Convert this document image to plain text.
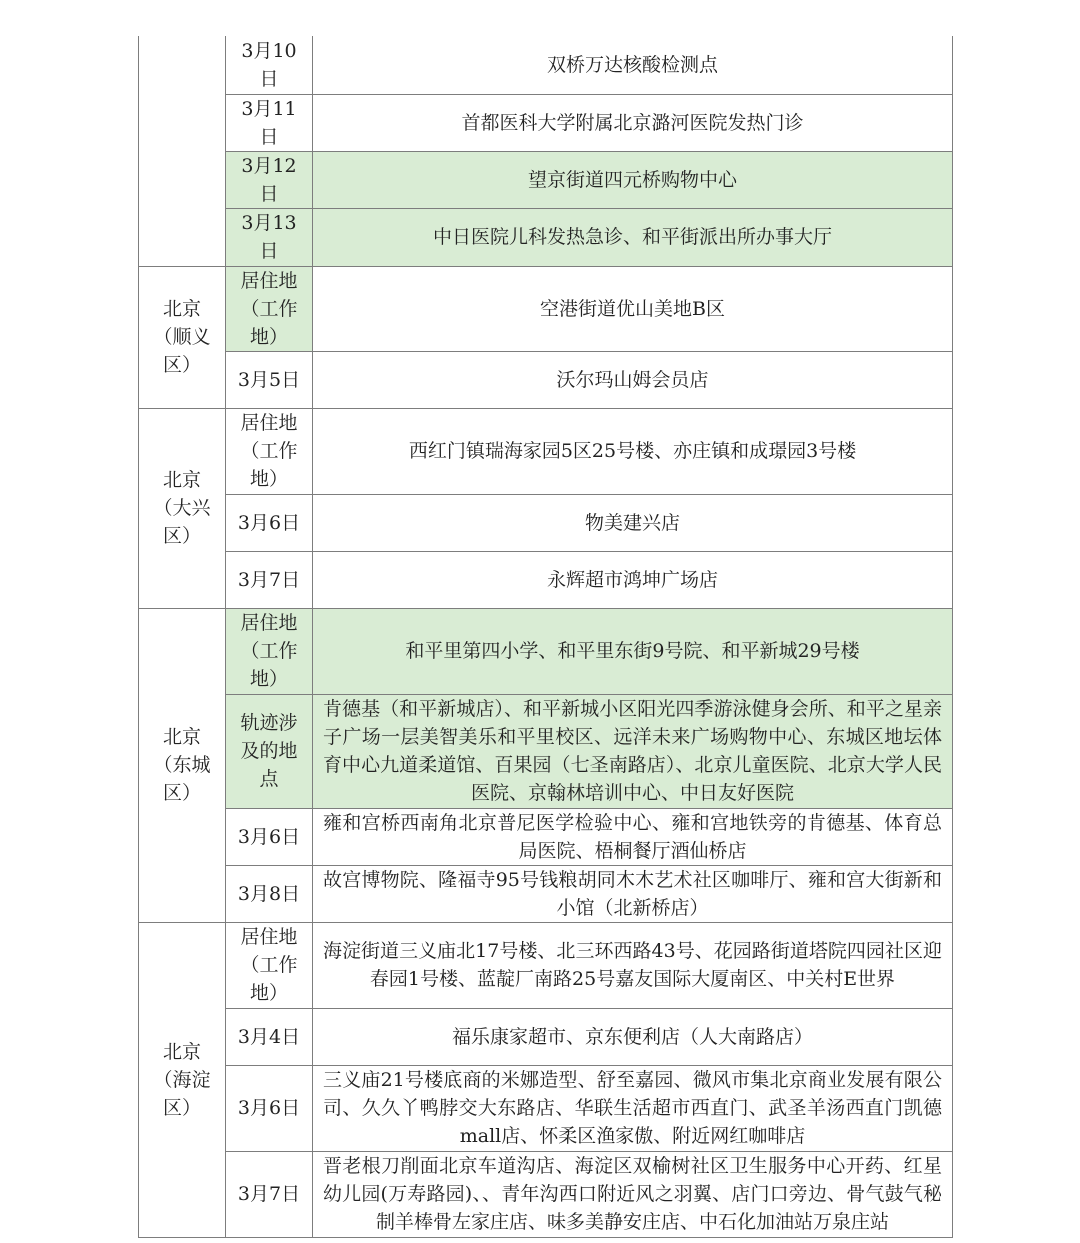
	3月10日	双桥万达核酸检测点
	3月11日	首都医科大学附属北京潞河医院发热门诊
	3月12日	望京街道四元桥购物中心
	3月13日	中日医院儿科发热急诊、和平街派出所办事大厅
北京（顺义区）	居住地（工作地）	空港街道优山美地B区
	3月5日	沃尔玛山姆会员店
北京（大兴区）	居住地（工作地）	西红门镇瑞海家园5区25号楼、亦庄镇和成璟园3号楼
	3月6日	物美建兴店
	3月7日	永辉超市鸿坤广场店
北京（东城区）	居住地（工作地）	和平里第四小学、和平里东街9号院、和平新城29号楼
	轨迹涉及的地点	肯德基（和平新城店）、和平新城小区阳光四季游泳健身会所、和平之星亲子广场一层美智美乐和平里校区、远洋未来广场购物中心、东城区地坛体育中心九道柔道馆、百果园（七圣南路店）、北京儿童医院、北京大学人民医院、京翰林培训中心、中日友好医院
	3月6日	雍和宫桥西南角北京普尼医学检验中心、雍和宫地铁旁的肯德基、体育总局医院、梧桐餐厅酒仙桥店
	3月8日	故宫博物院、隆福寺95号钱粮胡同木木艺术社区咖啡厅、雍和宫大街新和小馆（北新桥店）
北京（海淀区）	居住地（工作地）	海淀街道三义庙北17号楼、北三环西路43号、花园路街道塔院四园社区迎春园1号楼、蓝靛厂南路25号嘉友国际大厦南区、中关村E世界
	3月4日	福乐康家超市、京东便利店（人大南路店）
	3月6日	三义庙21号楼底商的米娜造型、舒至嘉园、微风市集北京商业发展有限公司、久久丫鸭脖交大东路店、华联生活超市西直门、武圣羊汤西直门凯德mall店、怀柔区渔家傲、附近网红咖啡店
	3月7日	晋老根刀削面北京车道沟店、海淀区双榆树社区卫生服务中心开药、红星幼儿园(万寿路园)、、青年沟西口附近风之羽翼、店门口旁边、骨气鼓气秘制羊棒骨左家庄店、味多美静安庄店、中石化加油站万泉庄站
